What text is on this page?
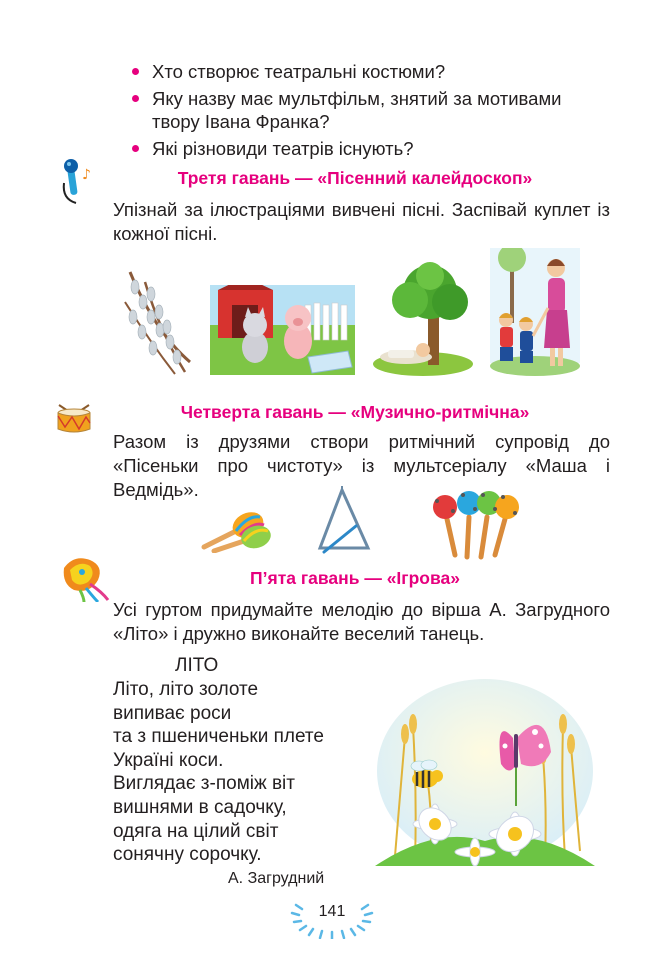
Хто створює театральні костюми?
Яку назву має мультфільм, знятий за мотивами твору Івана Франка?
Які різновиди театрів існують?
♪	Третя гавань — «Пісенний калейдоскоп»
Упізнай за ілюстраціями вивчені пісні. Заспівай куплет із кожної пісні.
Четверта гавань — «Музично-ритмічна»
Разом із друзями створи ритмічний супровід до «Пісеньки про чистоту» із мультсеріалу «Маша і Ведмідь».
П’ята гавань — «Ігрова»
Усі гуртом придумайте мелодію до вірша А. Загрудного «Літо» і дружно виконайте веселий танець.
ЛІТО
Літо, літо золоте
випиває роси
та з пшениченьки плете
Україні коси.
Виглядає з-поміж віт
вишнями в садочку,
одяга на цілий світ
сонячну сорочку.
А. Загрудний
141
